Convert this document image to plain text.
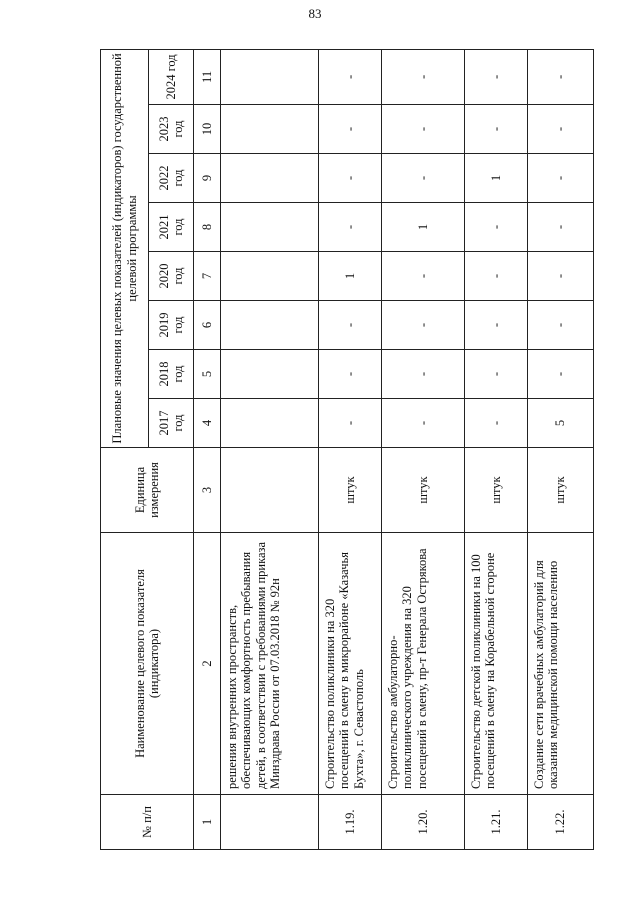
83
№ п/п	Наименование целевого показателя (индикатора)	Единица измерения	Плановые значения целевых показателей (индикаторов) государственной целевой программы							
			2017 год	2018 год	2019 год	2020 год	2021 год	2022 год	2023 год	2024 год
1	2	3	4	5	6	7	8	9	10	11
	решения внутренних пространств, обеспечивающих комфортность пребывания детей, в соответствии с требованиями приказа Минздрава России от 07.03.2018 № 92н									
1.19.	Строительство поликлиники на 320 посещений в смену в микрорайоне «Казачья Бухта», г. Севастополь	штук	-	-	-	1	-	-	-	-
1.20.	Строительство амбулаторно-поликлинического учреждения на 320 посещений в смену, пр-т Генерала Острякова	штук	-	-	-	-	1	-	-	-
1.21.	Строительство детской поликлиники на 100 посещений в смену на Корабельной стороне	штук	-	-	-	-	-	1	-	-
1.22.	Создание сети врачебных амбулаторий для оказания медицинской помощи населению	штук	5	-	-	-	-	-	-	-
